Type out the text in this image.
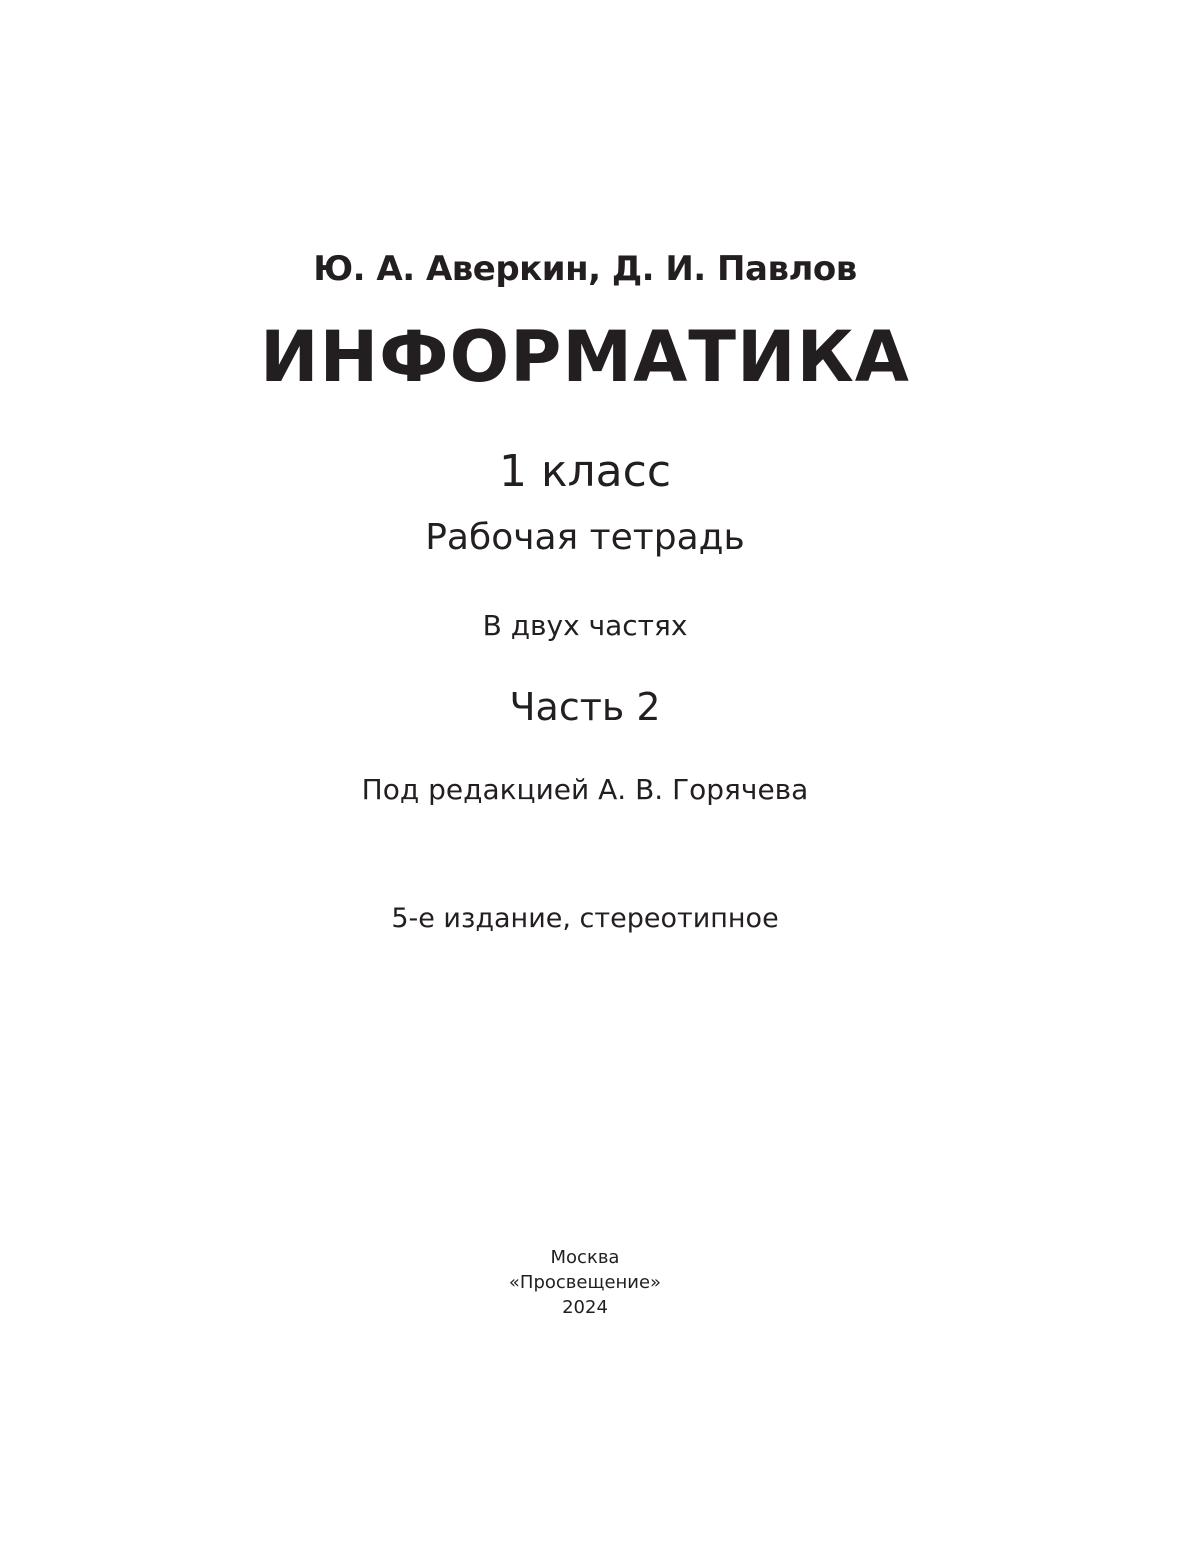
Ю. А. Аверкин, Д. И. Павлов
ИНФОРМАТИКА
1 класс
Рабочая тетрадь
В двух частях
Часть 2
Под редакцией А. В. Горячева
5-е издание, стереотипное
Москва
«Просвещение»
2024
